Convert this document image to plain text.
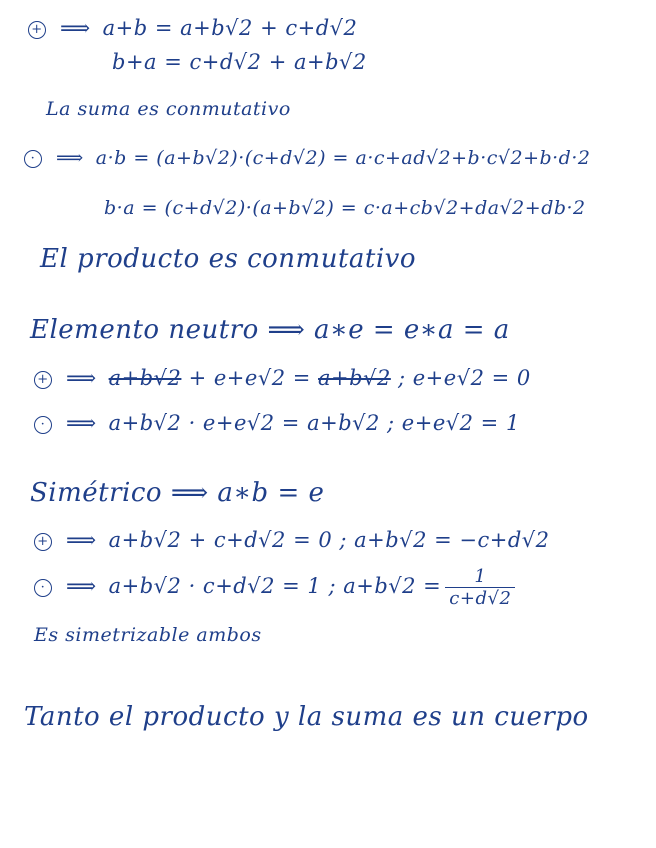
+ ⟹ a+b = a+b√2 + c+d√2
b+a = c+d√2 + a+b√2
La suma es conmutativo
· ⟹ a·b = (a+b√2)·(c+d√2) = a·c+ad√2+b·c√2+b·d·2
b·a = (c+d√2)·(a+b√2) = c·a+cb√2+da√2+db·2
El producto es conmutativo
Elemento neutro ⟹ a∗e = e∗a = a
+ ⟹ a+b√2 + e+e√2 = a+b√2 ; e+e√2 = 0
· ⟹ a+b√2 · e+e√2 = a+b√2 ; e+e√2 = 1
Simétrico ⟹ a∗b = e
+ ⟹ a+b√2 + c+d√2 = 0 ; a+b√2 = −c+d√2
· ⟹ a+b√2 · c+d√2 = 1 ; $a+b√2 = \frac{1}{c+d√2}$
Es simetrizable ambos
Tanto el producto y la suma es un cuerpo
